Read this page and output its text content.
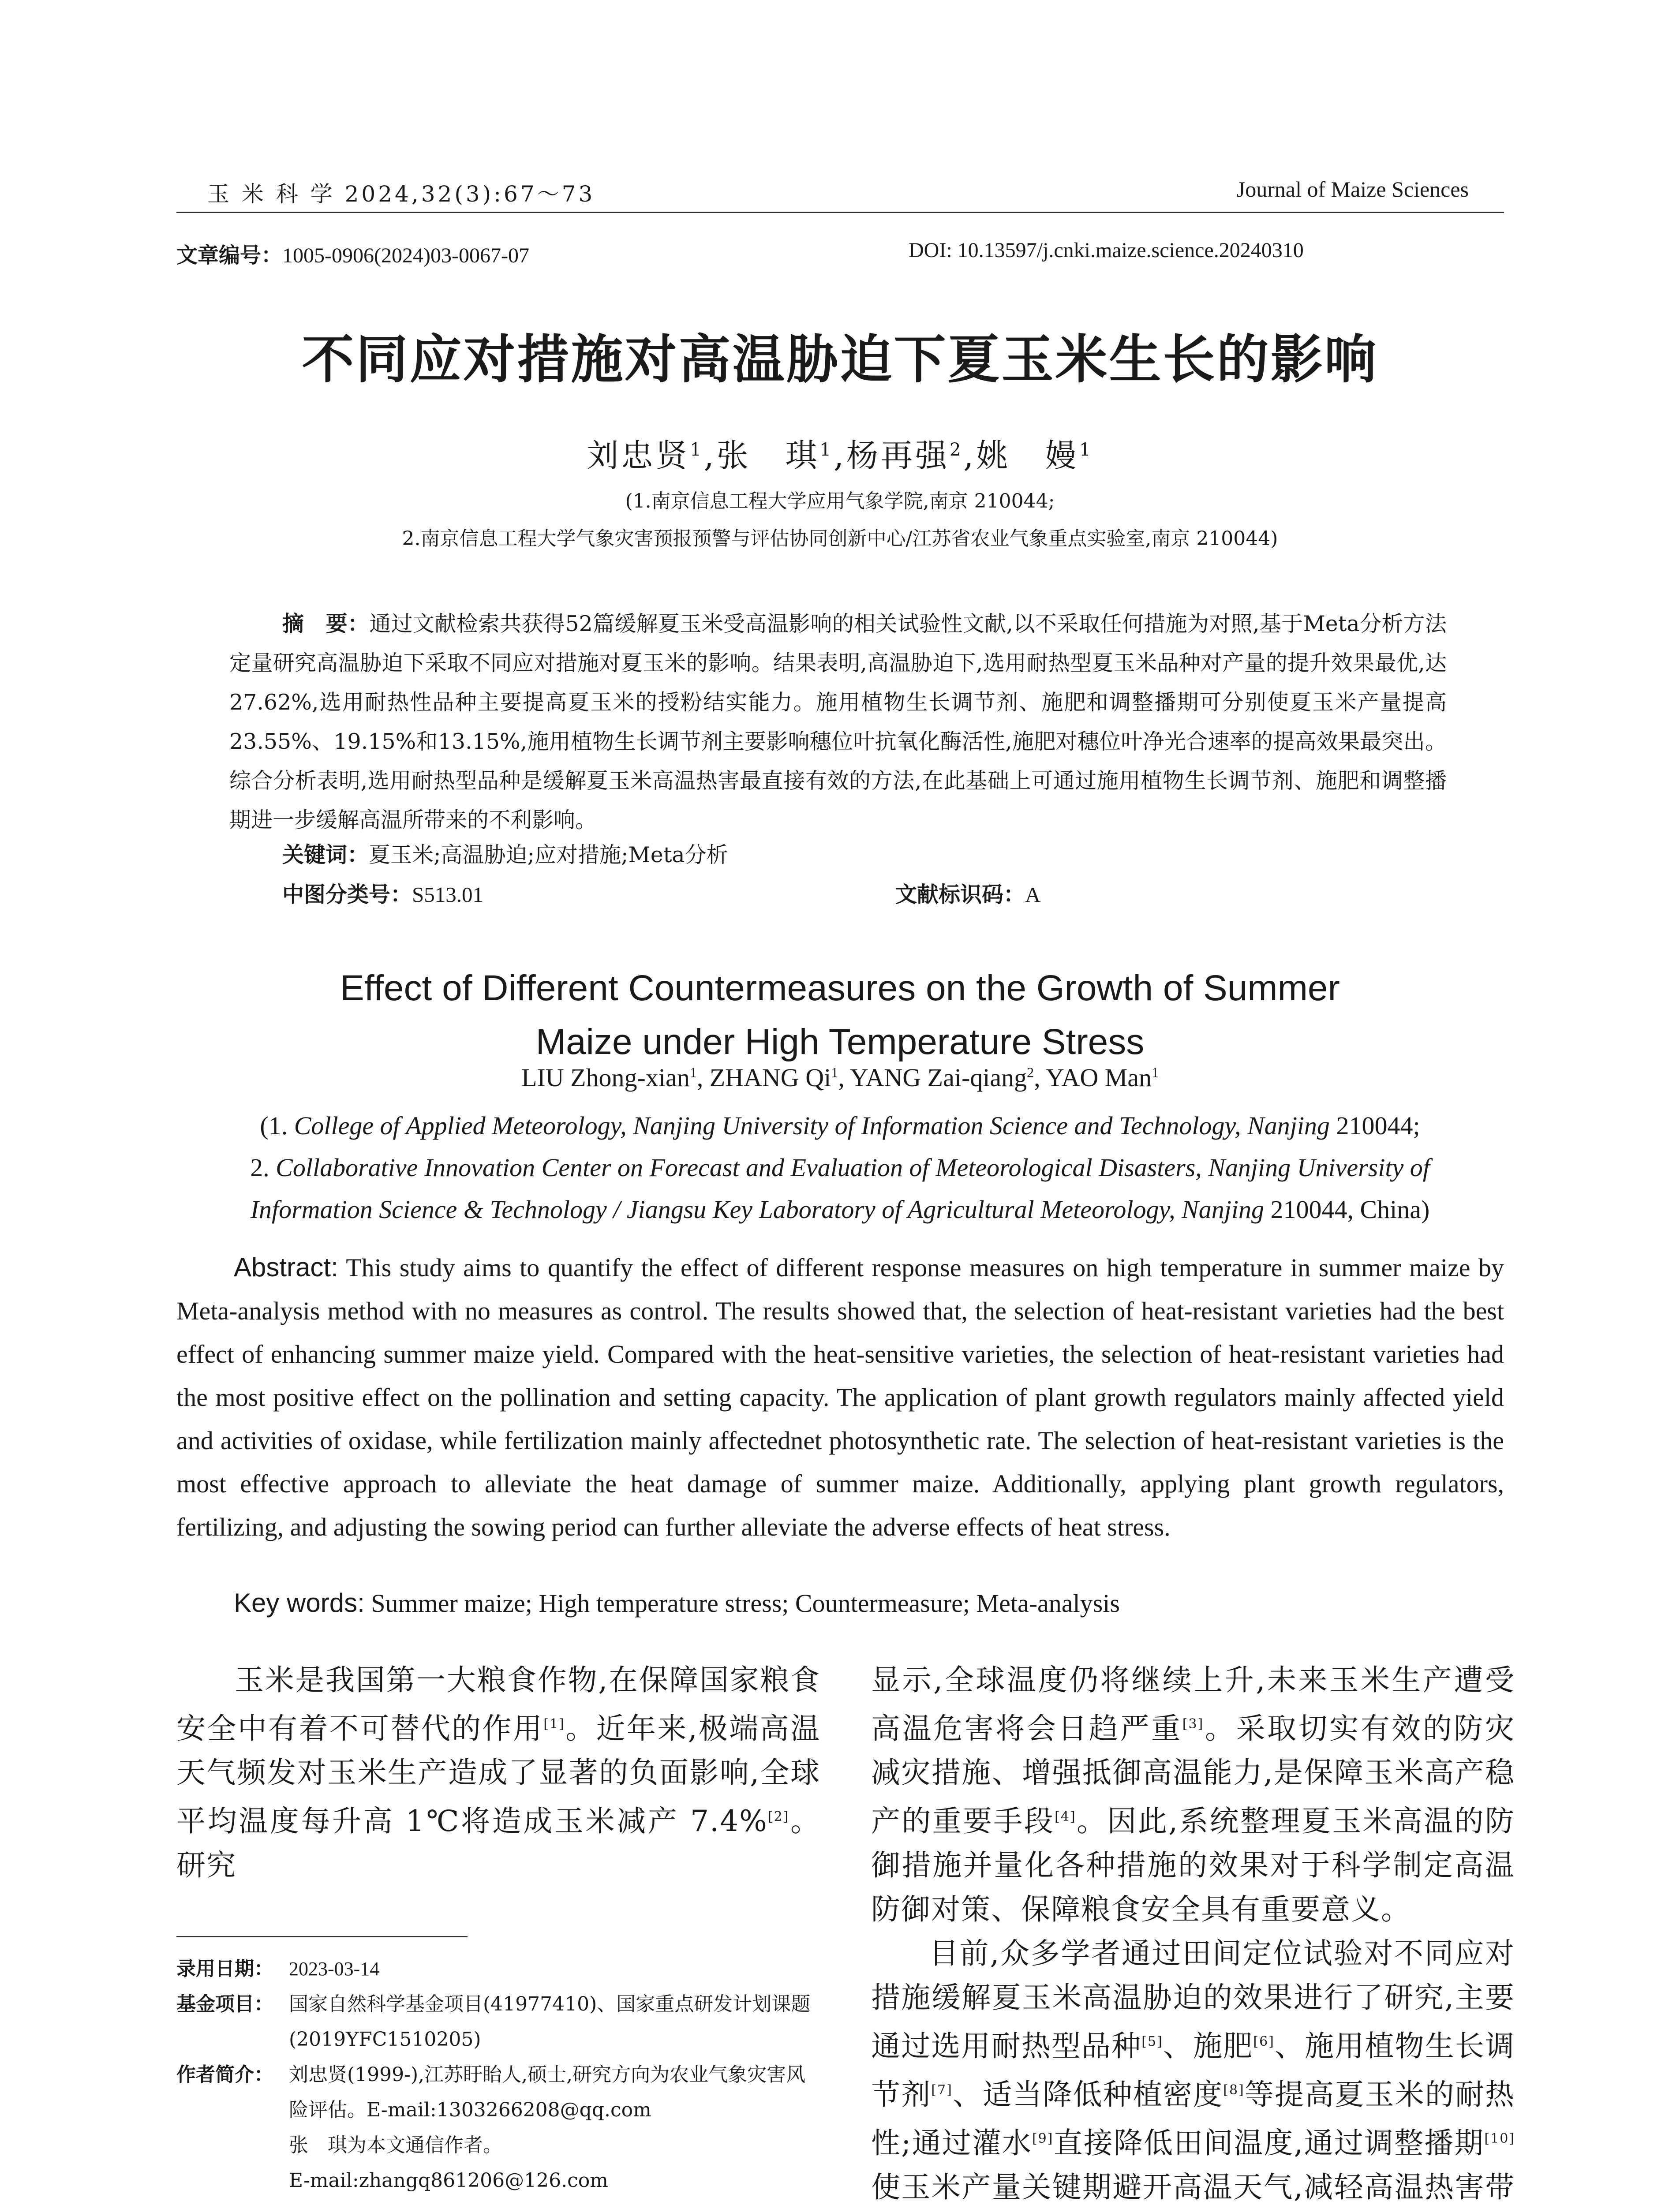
玉 米 科 学 2024,32(3):67～73	Journal of Maize Sciences
文章编号：1005-0906(2024)03-0067-07	DOI: 10.13597/j.cnki.maize.science.20240310
不同应对措施对高温胁迫下夏玉米生长的影响
刘忠贤$^1$,张　琪$^1$,杨再强$^2$,姚　嫚$^1$
(1.南京信息工程大学应用气象学院,南京 210044;
2.南京信息工程大学气象灾害预报预警与评估协同创新中心/江苏省农业气象重点实验室,南京 210044)
摘　要：通过文献检索共获得52篇缓解夏玉米受高温影响的相关试验性文献,以不采取任何措施为对照,基于Meta分析方法定量研究高温胁迫下采取不同应对措施对夏玉米的影响。结果表明,高温胁迫下,选用耐热型夏玉米品种对产量的提升效果最优,达27.62%,选用耐热性品种主要提高夏玉米的授粉结实能力。施用植物生长调节剂、施肥和调整播期可分别使夏玉米产量提高23.55%、19.15%和13.15%,施用植物生长调节剂主要影响穗位叶抗氧化酶活性,施肥对穗位叶净光合速率的提高效果最突出。综合分析表明,选用耐热型品种是缓解夏玉米高温热害最直接有效的方法,在此基础上可通过施用植物生长调节剂、施肥和调整播期进一步缓解高温所带来的不利影响。
关键词：夏玉米;高温胁迫;应对措施;Meta分析
中图分类号：S513.01	文献标识码：A
Effect of Different Countermeasures on the Growth of Summer
Maize under High Temperature Stress
LIU Zhong-xian$^1$, ZHANG Qi$^1$, YANG Zai-qiang$^2$, YAO Man$^1$
(1. College of Applied Meteorology, Nanjing University of Information Science and Technology, Nanjing 210044;
2. Collaborative Innovation Center on Forecast and Evaluation of Meteorological Disasters, Nanjing University of
Information Science & Technology / Jiangsu Key Laboratory of Agricultural Meteorology, Nanjing 210044, China)
Abstract: This study aims to quantify the effect of different response measures on high temperature in summer maize by Meta-analysis method with no measures as control. The results showed that, the selection of heat-resistant varieties had the best effect of enhancing summer maize yield. Compared with the heat-sensitive varieties, the selection of heat-resistant varieties had the most positive effect on the pollination and setting capacity. The application of plant growth regulators mainly affected yield and activities of oxidase, while fertilization mainly affectednet photosynthetic rate. The selection of heat-resistant varieties is the most effective approach to alleviate the heat damage of summer maize. Additionally, applying plant growth regulators, fertilizing, and adjusting the sowing period can further alleviate the adverse effects of heat stress.
Key words: Summer maize; High temperature stress; Countermeasure; Meta-analysis

玉米是我国第一大粮食作物,在保障国家粮食安全中有着不可替代的作用[1]。近年来,极端高温天气频发对玉米生产造成了显著的负面影响,全球平均温度每升高 1℃将造成玉米减产 7.4%[2]。研究

显示,全球温度仍将继续上升,未来玉米生产遭受高温危害将会日趋严重[3]。采取切实有效的防灾减灾措施、增强抵御高温能力,是保障玉米高产稳产的重要手段[4]。因此,系统整理夏玉米高温的防御措施并量化各种措施的效果对于科学制定高温防御对策、保障粮食安全具有重要意义。

目前,众多学者通过田间定位试验对不同应对措施缓解夏玉米高温胁迫的效果进行了研究,主要通过选用耐热型品种[5]、施肥[6]、施用植物生长调节剂[7]、适当降低种植密度[8]等提高夏玉米的耐热性;通过灌水[9]直接降低田间温度,通过调整播期[10]使玉米产量关键期避开高温天气,减轻高温热害带

录用日期： 2023-03-14
基金项目： 国家自然科学基金项目(41977410)、国家重点研发计划课题(2019YFC1510205)
作者简介： 刘忠贤(1999-),江苏盱眙人,硕士,研究方向为农业气象灾害风险评估。E-mail:1303266208@qq.com
张　琪为本文通信作者。
E-mail:zhangq861206@126.com
